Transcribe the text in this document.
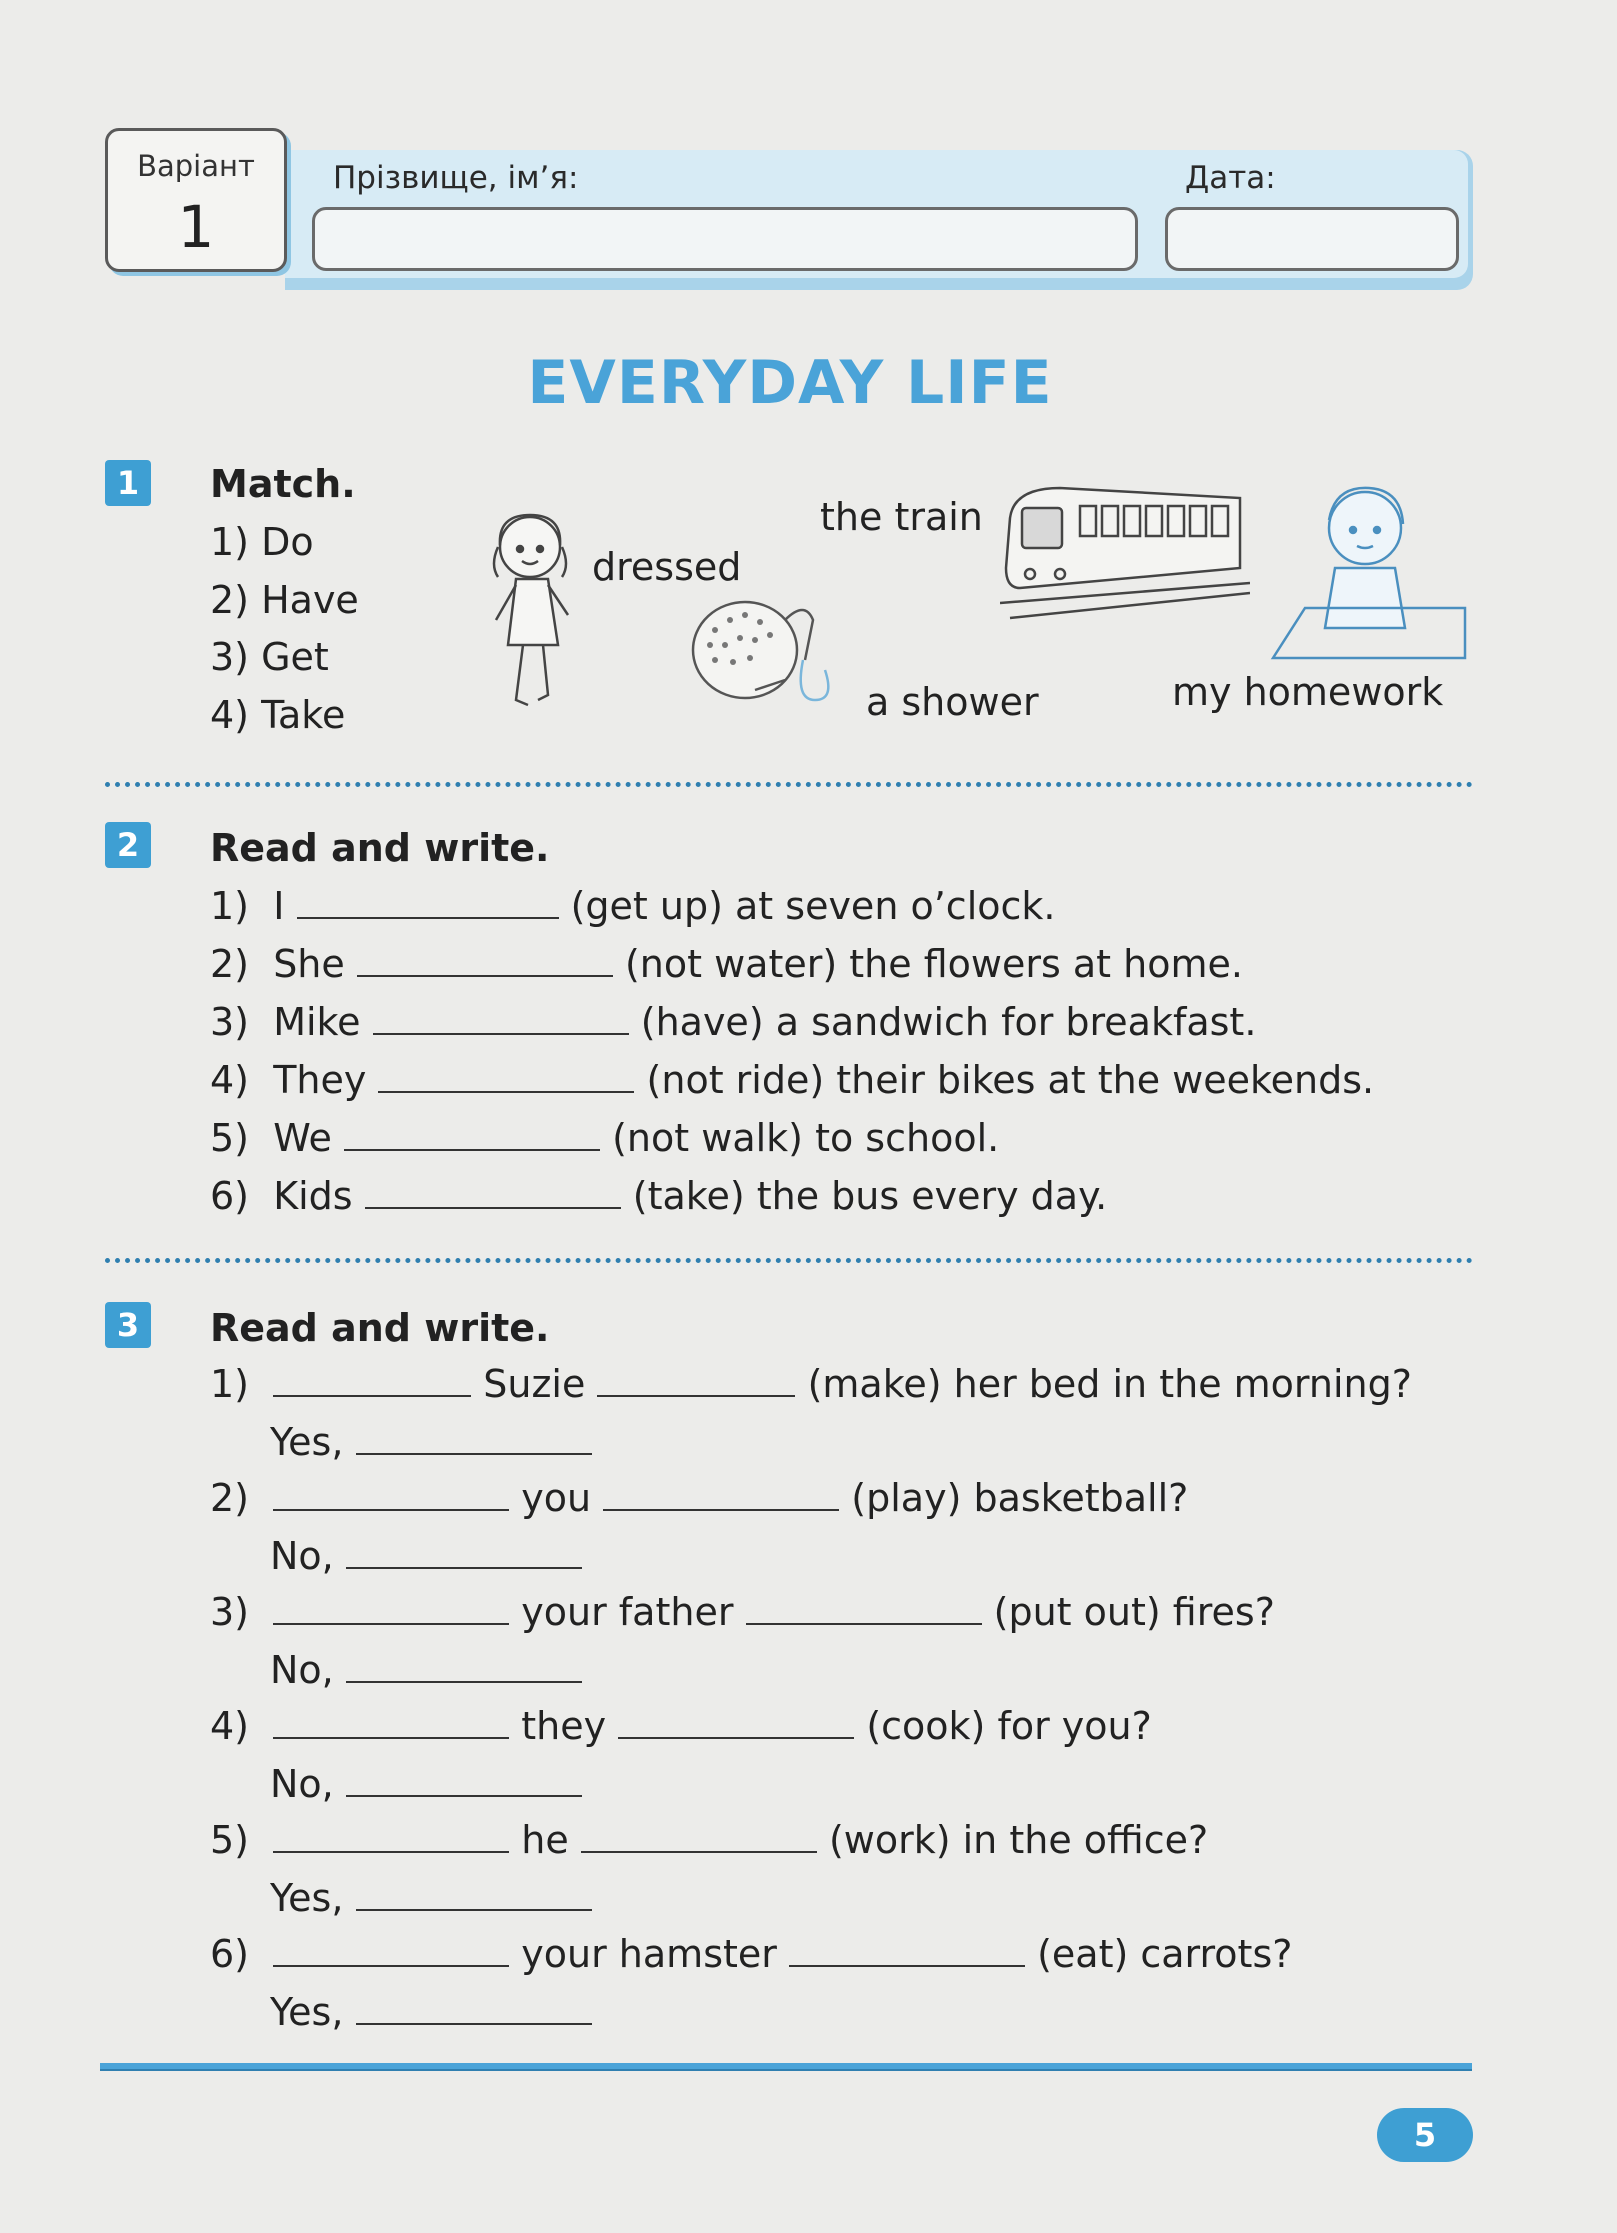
Варіант
1
Прізвище, ім’я:	Дата:
EVERYDAY LIFE
1	Match.
1) Do
2) Have
3) Get
4) Take
dressed
the train
my homework
a shower
2	Read and write.
1) I	(get up) at seven o’clock.
2) She	(not water) the flowers at home.
3) Mike	(have) a sandwich for breakfast.
4) They	(not ride) their bikes at the weekends.
5) We	(not walk) to school.
6) Kids	(take) the bus every day.
3	Read and write.
1)	Suzie	(make) her bed in the morning?
Yes,
2)	you	(play) basketball?
No,
3)	your father	(put out) fires?
No,
4)	they	(cook) for you?
No,
5)	he	(work) in the office?
Yes,
6)	your hamster	(eat) carrots?
Yes,
5
